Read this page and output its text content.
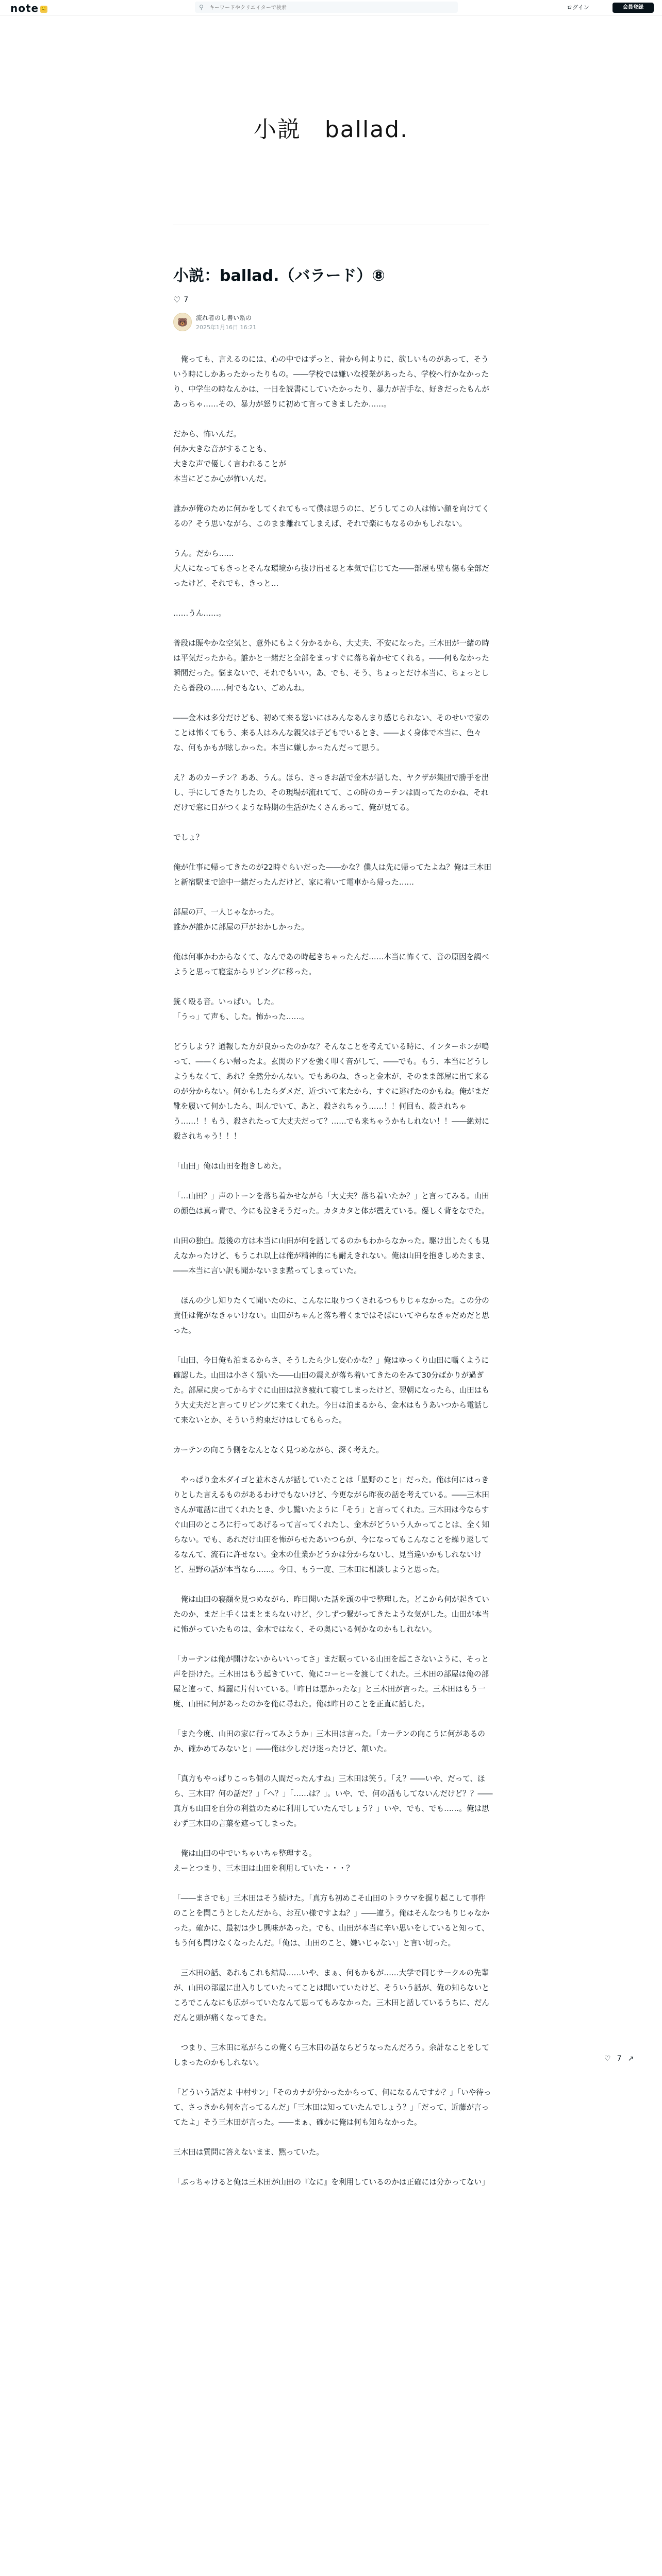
note 🙂	⚲
キーワードやクリエイターで検索	ログイン	会員登録
小説　ballad.
小説：ballad.（バラード）⑧
♡ 7
🐻	流れ者のし書い系の
2025年1月16日 16:21

　俺っても、言えるのには、心の中ではずっと、昔から何よりに、欲しいものがあって、そういう時にしかあったかったりもの。――学校では嫌いな授業があったら、学校へ行かなかったり、中学生の時なんかは、一日を読書にしていたかったり、暴力が苦手な、好きだったもんがあっちゃ……その、暴力が怒りに初めて言ってきましたか……。

だから、怖いんだ。
何か大きな音がすることも、
大きな声で優しく言われることが
本当にどこか心が怖いんだ。

誰かが俺のために何かをしてくれてもって僕は思うのに、どうしてこの人は怖い顔を向けてくるの？そう思いながら、このまま離れてしまえば、それで楽にもなるのかもしれない。

うん。だから……
大人になってもきっとそんな環境から抜け出せると本気で信じてた――部屋も壁も傷も全部だったけど、それでも、きっと…

……うん……。

普段は賑やかな空気と、意外にもよく分かるから、大丈夫、不安になった。三木田が一緒の時は平気だったから。誰かと一緒だと全部をまっすぐに落ち着かせてくれる。――何もなかった瞬間だった。悩まないで、それでもいい。あ、でも、そう、ちょっとだけ本当に、ちょっとしたら普段の……何でもない、ごめんね。

――金木は多分だけども、初めて来る窓いにはみんなあんまり感じられない、そのせいで家のことは怖くてもう、来る人はみんな親父は子どもでいるとき、――よく身体で本当に、色々な、何もかもが眩しかった。本当に嫌しかったんだって思う。

え？あのカーテン？ああ、うん。ほら、さっきお話で金木が話した、ヤクザが集団で勝手を出し、手にしてきたりしたの、その現場が流れてて、この時のカーテンは間ってたのかね、それだけで窓に日がつくような時期の生活がたくさんあって、俺が見てる。

でしょ？

俺が仕事に帰ってきたのが22時ぐらいだった――かな？僕人は先に帰ってたよね？俺は三木田と新宿駅まで途中一緒だったんだけど、家に着いて電車から帰った……

部屋の戸、一人じゃなかった。
誰かが誰かに部屋の戸がおかしかった。

俺は何事かわからなくて、なんであの時起きちゃったんだ……本当に怖くて、音の原因を調べようと思って寝室からリビングに移った。

銃く殴る音。いっぱい。した。
「うっ」て声も、した。怖かった……。

どうしよう？通報した方が良かったのかな？そんなことを考えている時に、インターホンが鳴って、――くらい帰ったよ。玄関のドアを強く叩く音がして、――でも。もう、本当にどうしようもなくて、あれ？全然分かんない。でもあのね、きっと金木が、そのまま部屋に出て来るのが分からない。何かもしたらダメだ、近づいて来たから、すぐに逃げたのかもね。俺がまだ靴を履いて何かしたら、叫んでいて、あと、殺されちゃう……！！何回も、殺されちゃう……！！もう、殺されたって大丈夫だって？……でも来ちゃうかもしれない！！――絶対に殺されちゃう！！！

「山田」俺は山田を抱きしめた。

「…山田？」声のトーンを落ち着かせながら「大丈夫？落ち着いたか？」と言ってみる。山田の顔色は真っ青で、今にも泣きそうだった。カタカタと体が震えている。優しく背をなでた。

山田の独白。最後の方は本当に山田が何を話してるのかもわからなかった。駆け出したくも見えなかったけど、もうこれ以上は俺が精神的にも耐えきれない。俺は山田を抱きしめたまま、――本当に言い訳も聞かないまま黙ってしまっていた。

　ほんの少し知りたくて聞いたのに、こんなに取りつくされるつもりじゃなかった。この分の責任は俺がなきゃいけない。山田がちゃんと落ち着くまではそばにいてやらなきゃだめだと思った。

「山田、今日俺も泊まるからさ、そうしたら少し安心かな？」俺はゆっくり山田に囁くように確認した。山田は小さく頷いた――山田の震えが落ち着いてきたのをみて30分ばかりが過ぎた。部屋に戻ってからすぐに山田は泣き疲れて寝てしまったけど、翌朝になったら、山田はもう大丈夫だと言ってリビングに来てくれた。今日は泊まるから、金木はもうあいつから電話して来ないとか、そういう約束だけはしてもらった。

カーテンの向こう側をなんとなく見つめながら、深く考えた。

　やっぱり金木ダイゴと並木さんが話していたことは「星野のこと」だった。俺は何にはっきりとした言えるものがあるわけでもないけど、今更ながら昨夜の話を考えている。――三木田さんが電話に出てくれたとき、少し驚いたように「そう」と言ってくれた。三木田は今ならすぐ山田のところに行ってあげるって言ってくれたし、金木がどういう人かってことは、全く知らない。でも、あれだけ山田を怖がらせたあいつらが、今になってもこんなことを繰り返してるなんて、流石に許せない。金木の仕業かどうかは分からないし、見当違いかもしれないけど、星野の話が本当なら……。今日、もう一度、三木田に相談しようと思った。

　俺は山田の寝顔を見つめながら、昨日聞いた話を頭の中で整理した。どこから何が起きていたのか、まだ上手くはまとまらないけど、少しずつ繋がってきたような気がした。山田が本当に怖がっていたものは、金木ではなく、その奥にいる何かなのかもしれない。

「カーテンは俺が開けないからいいってさ」まだ眠っている山田を起こさないように、そっと声を掛けた。三木田はもう起きていて、俺にコーヒーを渡してくれた。三木田の部屋は俺の部屋と違って、綺麗に片付いている。「昨日は悪かったな」と三木田が言った。三木田はもう一度、山田に何があったのかを俺に尋ねた。俺は昨日のことを正直に話した。

「また今度、山田の家に行ってみようか」三木田は言った。「カーテンの向こうに何があるのか、確かめてみないと」――俺は少しだけ迷ったけど、頷いた。

「真方もやっぱりこっち側の人間だったんすね」三木田は笑う。「え？――いや、だって、ほら、三木田？何の話だ？」「へ？」「……は？」。いや、で、何の話もしてないんだけど？？――真方も山田を自分の利益のために利用していたんでしょう？」いや、でも、でも……。俺は思わず三木田の言葉を遮ってしまった。

　俺は山田の中でいちゃいちゃ整理する。
えーとつまり、三木田は山田を利用していた・・・？

「――まさでも」三木田はそう続けた。「真方も初めこそ山田のトラウマを掘り起こして事件のことを聞こうとしたんだから、お互い様ですよね？」――違う。俺はそんなつもりじゃなかった。確かに、最初は少し興味があった。でも、山田が本当に辛い思いをしていると知って、もう何も聞けなくなったんだ。「俺は、山田のこと、嫌いじゃない」と言い切った。

　三木田の話、あれもこれも結局……いや、まぁ、何もかもが……大学で同じサークルの先輩が、山田の部屋に出入りしていたってことは聞いていたけど、そういう話が、俺の知らないところでこんなにも広がっていたなんて思ってもみなかった。三木田と話しているうちに、だんだんと頭が痛くなってきた。

　つまり、三木田に私がらこの俺くら三木田の話ならどうなったんだろう。余計なことをしてしまったのかもしれない。

「どういう話だよ 中村サン」「そのカナが分かったからって、何になるんですか？」「いや待って、さっきから何を言ってるんだ」「三木田は知っていたんでしょう？」「だって、近藤が言ってたよ」そう三木田が言った。――まぁ、確かに俺は何も知らなかった。

三木田は質問に答えないまま、黙っていた。

「ぶっちゃけると俺は三木田が山田の『なに』を利用しているのかは正確には分かってない」

♡ 7 ↗
